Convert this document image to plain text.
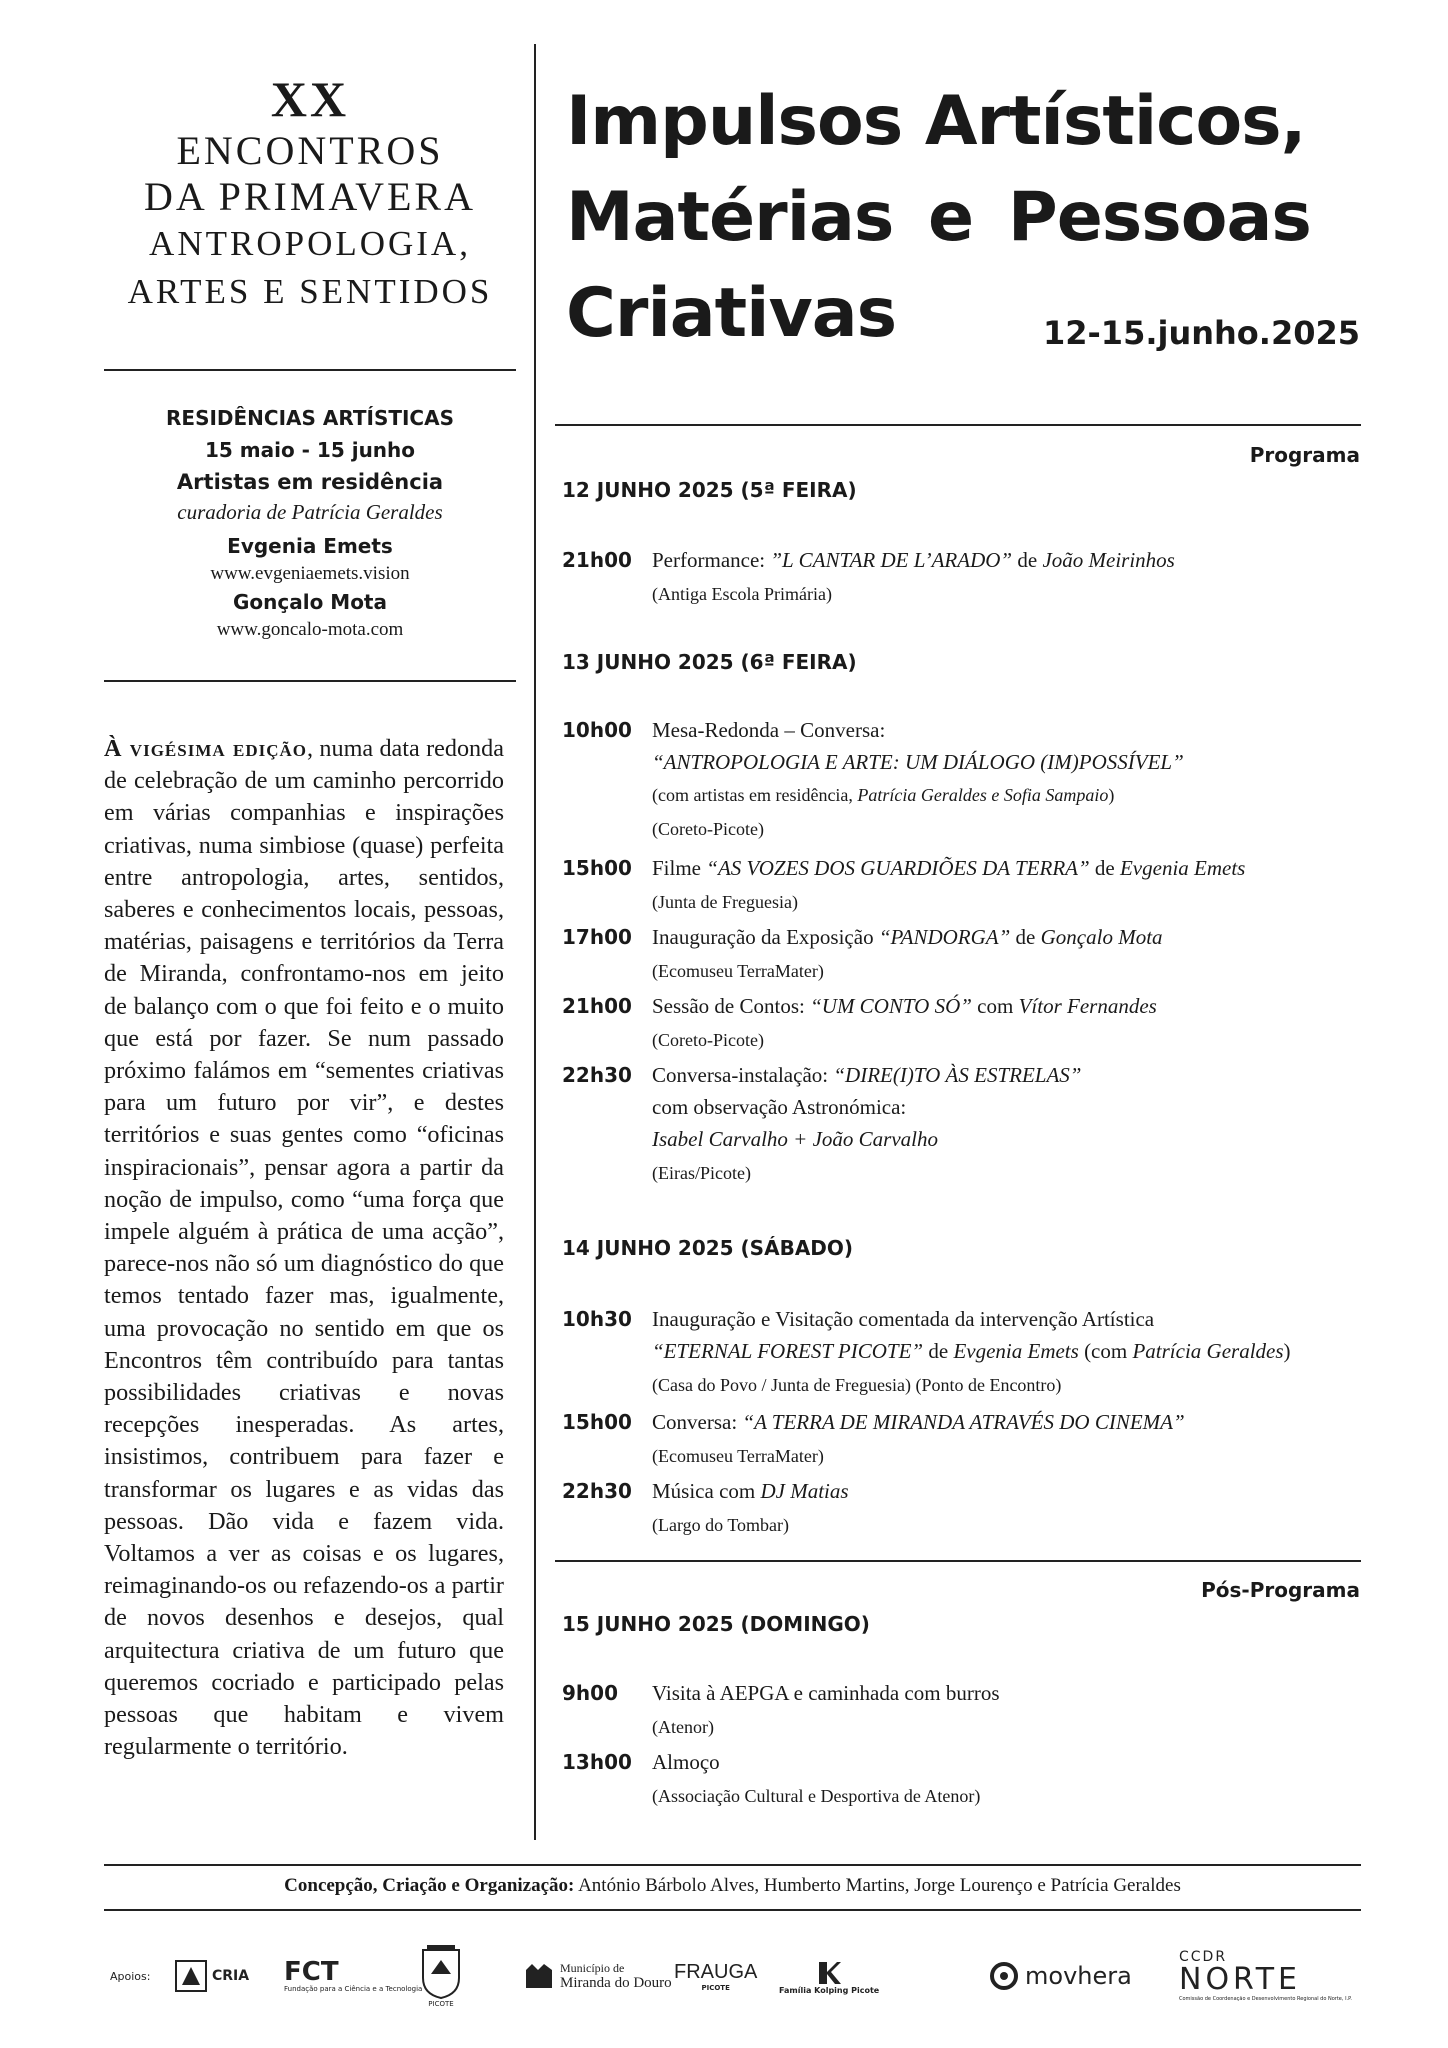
XX
ENCONTROS
DA PRIMAVERA
ANTROPOLOGIA,
ARTES E SENTIDOS
RESIDÊNCIAS ARTÍSTICAS
15 maio - 15 junho
Artistas em residência
curadoria de Patrícia Geraldes
Evgenia Emets
www.evgeniaemets.vision
Gonçalo Mota
www.goncalo-mota.com
À vigésima edição, numa data redonda de celebração de um caminho percorrido em várias companhias e inspirações criativas, numa simbiose (quase) perfeita entre antropologia, artes, sentidos, saberes e conhecimentos locais, pessoas, matérias, paisagens e territórios da Terra de Miranda, confrontamo-nos em jeito de balanço com o que foi feito e o muito que está por fazer. Se num passado próximo falámos em “sementes criativas para um futuro por vir”, e destes territórios e suas gentes como “oficinas inspiracionais”, pensar agora a partir da noção de impulso, como “uma força que impele alguém à prática de uma acção”, parece-nos não só um diagnóstico do que temos tentado fazer mas, igualmente, uma provocação no sentido em que os Encontros têm contribuído para tantas possibilidades criativas e novas recepções inesperadas. As artes, insistimos, contribuem para fazer e transformar os lugares e as vidas das pessoas. Dão vida e fazem vida. Voltamos a ver as coisas e os lugares, reimaginando-os ou refazendo-os a partir de novos desenhos e desejos, qual arquitectura criativa de um futuro que queremos cocriado e participado pelas pessoas que habitam e vivem regularmente o território.
Impulsos Artísticos,
Matérias e Pessoas
Criativas	12-15.junho.2025
Programa
12 JUNHO 2025 (5ª FEIRA)
21h00 Performance: ”L CANTAR DE L’ARADO” de João Meirinhos
(Antiga Escola Primária)
13 JUNHO 2025 (6ª FEIRA)
10h00 Mesa-Redonda – Conversa:
“ANTROPOLOGIA E ARTE: UM DIÁLOGO (IM)POSSÍVEL”
(com artistas em residência, Patrícia Geraldes e Sofia Sampaio)
(Coreto-Picote)
15h00 Filme “AS VOZES DOS GUARDIÕES DA TERRA” de Evgenia Emets
(Junta de Freguesia)
17h00 Inauguração da Exposição “PANDORGA” de Gonçalo Mota
(Ecomuseu TerraMater)
21h00 Sessão de Contos: “UM CONTO SÓ” com Vítor Fernandes
(Coreto-Picote)
22h30 Conversa-instalação: “DIRE(I)TO ÀS ESTRELAS”
com observação Astronómica:
Isabel Carvalho + João Carvalho
(Eiras/Picote)
14 JUNHO 2025 (SÁBADO)
10h30 Inauguração e Visitação comentada da intervenção Artística
“ETERNAL FOREST PICOTE” de Evgenia Emets (com Patrícia Geraldes)
(Casa do Povo / Junta de Freguesia) (Ponto de Encontro)
15h00 Conversa: “A TERRA DE MIRANDA ATRAVÉS DO CINEMA”
(Ecomuseu TerraMater)
22h30 Música com DJ Matias
(Largo do Tombar)
Pós-Programa
15 JUNHO 2025 (DOMINGO)
9h00 Visita à AEPGA e caminhada com burros
(Atenor)
13h00 Almoço
(Associação Cultural e Desportiva de Atenor)
Concepção, Criação e Organização: António Bárbolo Alves, Humberto Martins, Jorge Lourenço e Patrícia Geraldes
Apoios:	CRIA FCT
Fundação para a Ciência e a Tecnologia
PICOTE
Município de
Miranda do Douro
FRAUGA
PICOTE	Família Kolping Picote	movhera
CCDR
NORTE
Comissão de Coordenação e Desenvolvimento Regional do Norte, I.P.
